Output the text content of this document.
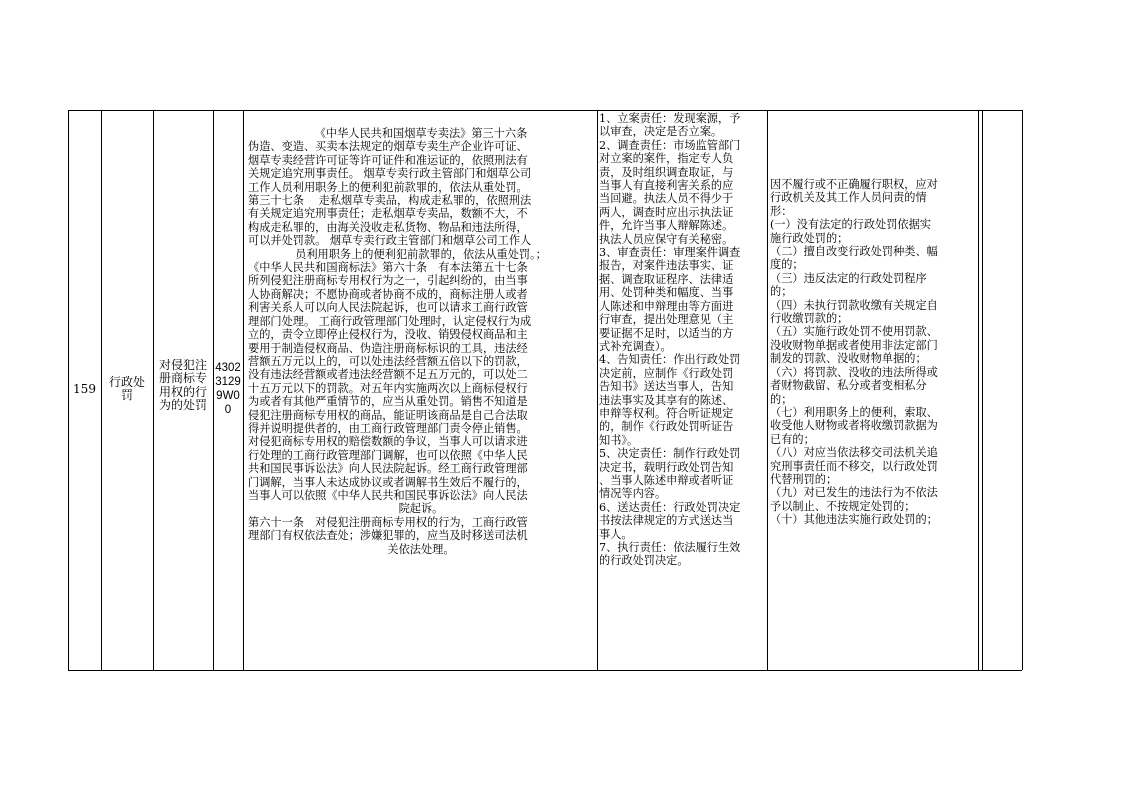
159	行政处
罚
对侵犯注
册商标专
用权的行
为的处罚
4302
3129
9W0
0
《中华人民共和国烟草专卖法》第三十六条
伪造、变造、买卖本法规定的烟草专卖生产企业许可证、
烟草专卖经营许可证等许可证件和准运证的，依照刑法有
关规定追究刑事责任。 烟草专卖行政主管部门和烟草公司
工作人员利用职务上的便利犯前款罪的，依法从重处罚。
第三十七条　 走私烟草专卖品，构成走私罪的，依照刑法
有关规定追究刑事责任；走私烟草专卖品，数额不大，不
构成走私罪的，由海关没收走私货物、物品和违法所得，
可以并处罚款。 烟草专卖行政主管部门和烟草公司工作人
员利用职务上的便利犯前款罪的，依法从重处罚。；
《中华人民共和国商标法》第六十条　有本法第五十七条
所列侵犯注册商标专用权行为之一，引起纠纷的，由当事
人协商解决；不愿协商或者协商不成的，商标注册人或者
利害关系人可以向人民法院起诉，也可以请求工商行政管
理部门处理。 工商行政管理部门处理时，认定侵权行为成
立的，责令立即停止侵权行为，没收、销毁侵权商品和主
要用于制造侵权商品、伪造注册商标标识的工具，违法经
营额五万元以上的，可以处违法经营额五倍以下的罚款，
没有违法经营额或者违法经营额不足五万元的，可以处二
十五万元以下的罚款。对五年内实施两次以上商标侵权行
为或者有其他严重情节的，应当从重处罚。销售不知道是
侵犯注册商标专用权的商品，能证明该商品是自己合法取
得并说明提供者的，由工商行政管理部门责令停止销售。
对侵犯商标专用权的赔偿数额的争议，当事人可以请求进
行处理的工商行政管理部门调解，也可以依照《中华人民
共和国民事诉讼法》向人民法院起诉。经工商行政管理部
门调解，当事人未达成协议或者调解书生效后不履行的，
当事人可以依照《中华人民共和国民事诉讼法》向人民法
院起诉。
第六十一条　对侵犯注册商标专用权的行为，工商行政管
理部门有权依法查处；涉嫌犯罪的，应当及时移送司法机
关依法处理。
1、立案责任：发现案源，予
以审查，决定是否立案。
2、调查责任：市场监管部门
对立案的案件，指定专人负
责，及时组织调查取证，与
当事人有直接利害关系的应
当回避。执法人员不得少于
两人，调查时应出示执法证
件，允许当事人辩解陈述。
执法人员应保守有关秘密。
3、审查责任：审理案件调查
报告，对案件违法事实、证
据、调查取证程序、法律适
用、处罚种类和幅度、当事
人陈述和申辩理由等方面进
行审查，提出处理意见（主
要证据不足时，以适当的方
式补充调查）。
4、告知责任：作出行政处罚
决定前，应制作《行政处罚
告知书》送达当事人，告知
违法事实及其享有的陈述、
申辩等权利。符合听证规定
的，制作《行政处罚听证告
知书》。
5、决定责任：制作行政处罚
决定书，载明行政处罚告知
、当事人陈述申辩或者听证
情况等内容。
6、送达责任：行政处罚决定
书按法律规定的方式送达当
事人。
7、执行责任：依法履行生效
的行政处罚决定。
因不履行或不正确履行职权，应对
行政机关及其工作人员问责的情
形：
(一）没有法定的行政处罚依据实
施行政处罚的；
（二）擅自改变行政处罚种类、幅
度的；
（三）违反法定的行政处罚程序
的；
（四）未执行罚款收缴有关规定自
行收缴罚款的；
（五）实施行政处罚不使用罚款、
没收财物单据或者使用非法定部门
制发的罚款、没收财物单据的；
（六）将罚款、没收的违法所得或
者财物截留、私分或者变相私分
的；
（七）利用职务上的便利，索取、
收受他人财物或者将收缴罚款据为
已有的；
（八）对应当依法移交司法机关追
究刑事责任而不移交，以行政处罚
代替刑罚的；
（九）对已发生的违法行为不依法
予以制止、不按规定处罚的；
（十）其他违法实施行政处罚的；
